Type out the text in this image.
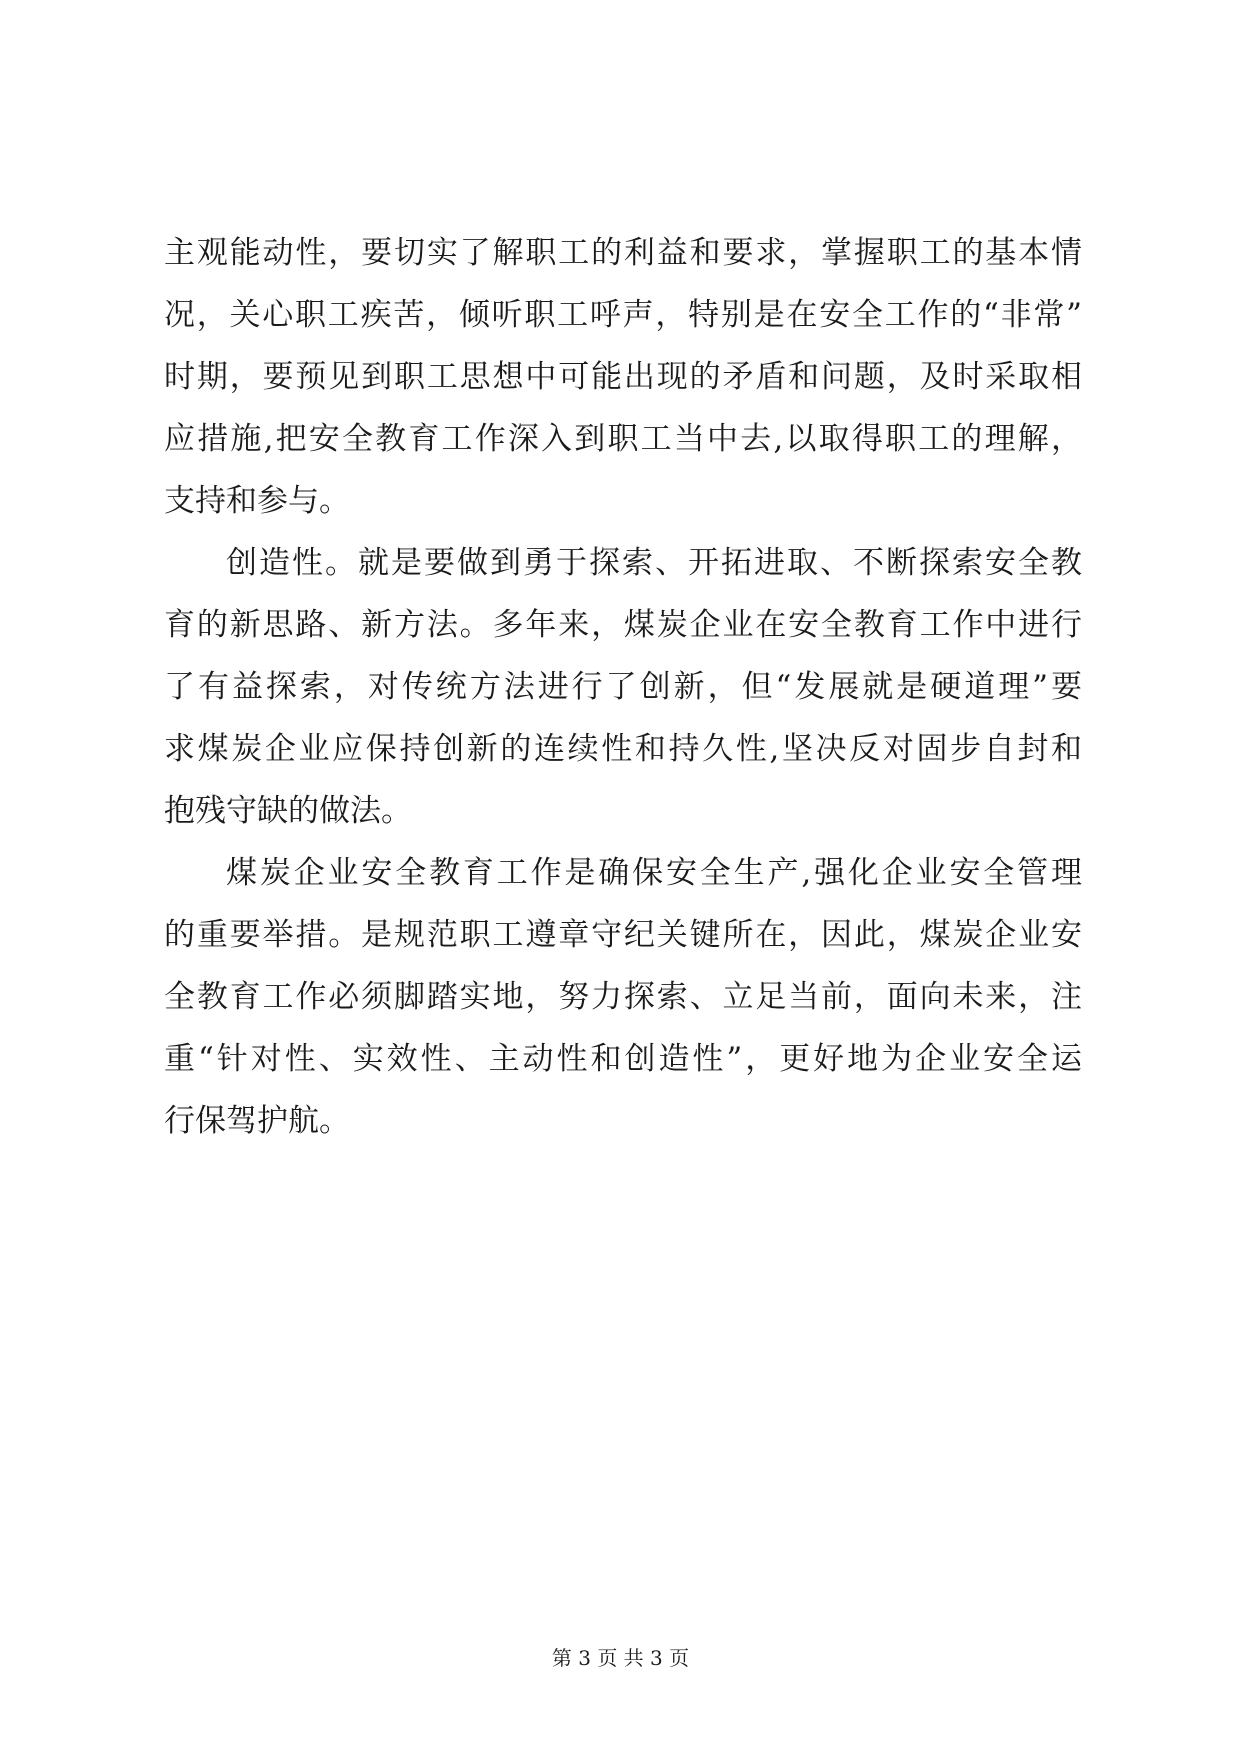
主观能动性，要切实了解职工的利益和要求，掌握职工的基本情

况，关心职工疾苦，倾听职工呼声，特别是在安全工作的“非常”

时期，要预见到职工思想中可能出现的矛盾和问题，及时采取相

应措施,把安全教育工作深入到职工当中去,以取得职工的理解，

支持和参与。

创造性。就是要做到勇于探索、开拓进取、不断探索安全教

育的新思路、新方法。多年来，煤炭企业在安全教育工作中进行

了有益探索，对传统方法进行了创新，但“发展就是硬道理”要

求煤炭企业应保持创新的连续性和持久性,坚决反对固步自封和

抱残守缺的做法。

煤炭企业安全教育工作是确保安全生产,强化企业安全管理

的重要举措。是规范职工遵章守纪关键所在，因此，煤炭企业安

全教育工作必须脚踏实地，努力探索、立足当前，面向未来，注

重“针对性、实效性、主动性和创造性”，更好地为企业安全运

行保驾护航。

第 3 页 共 3 页
